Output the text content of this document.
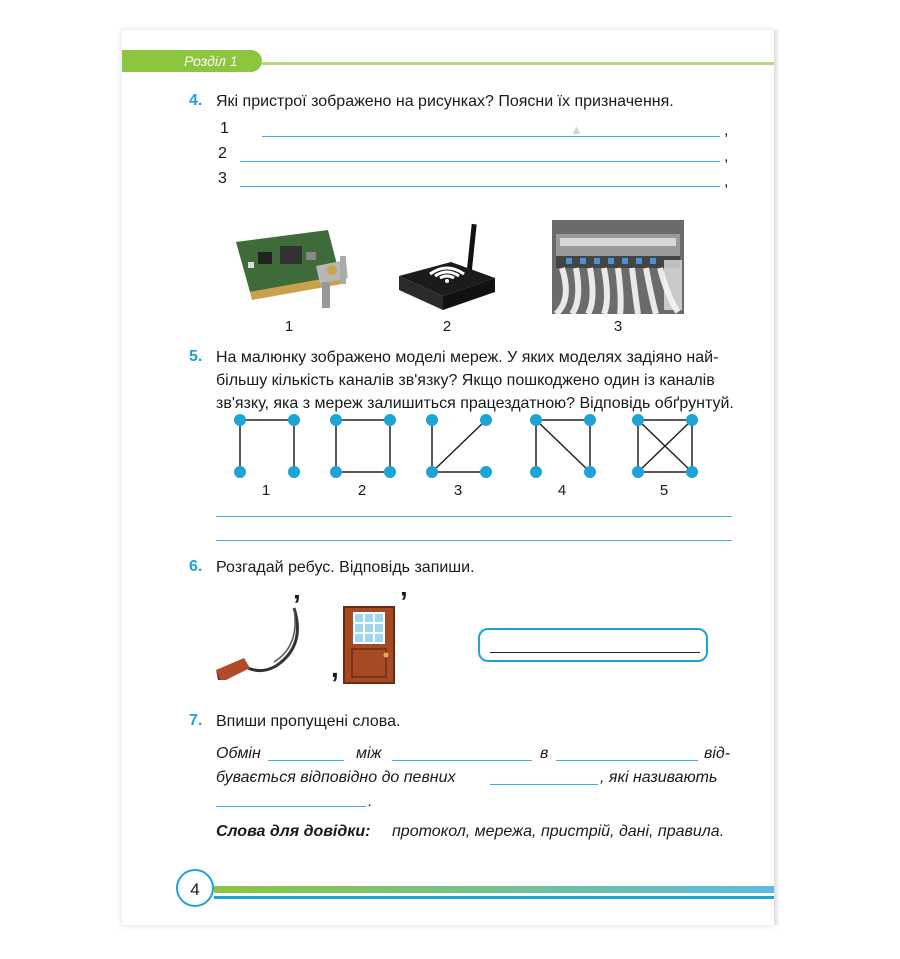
Розділ 1
▲
4. Які пристрої зображено на рисунках? Поясни їх призначення.
1	,
2	,
3	,
1	2	3
5. На малюнку зображено моделі мереж. У яких моделях задіяно най-
більшу кількість каналів зв'язку? Якщо пошкоджено один із каналів
зв'язку, яка з мереж залишиться працездатною? Відповідь обґрунтуй.
1	2	3	4	5
6. Розгадай ребус. Відповідь запиши.
’
,
’
7. Впиши пропущені слова.
Обмін	між	в	від-
бувається відповідно до певних	, які називають
.
Слова для довідки: протокол, мережа, пристрій, дані, правила.
4
